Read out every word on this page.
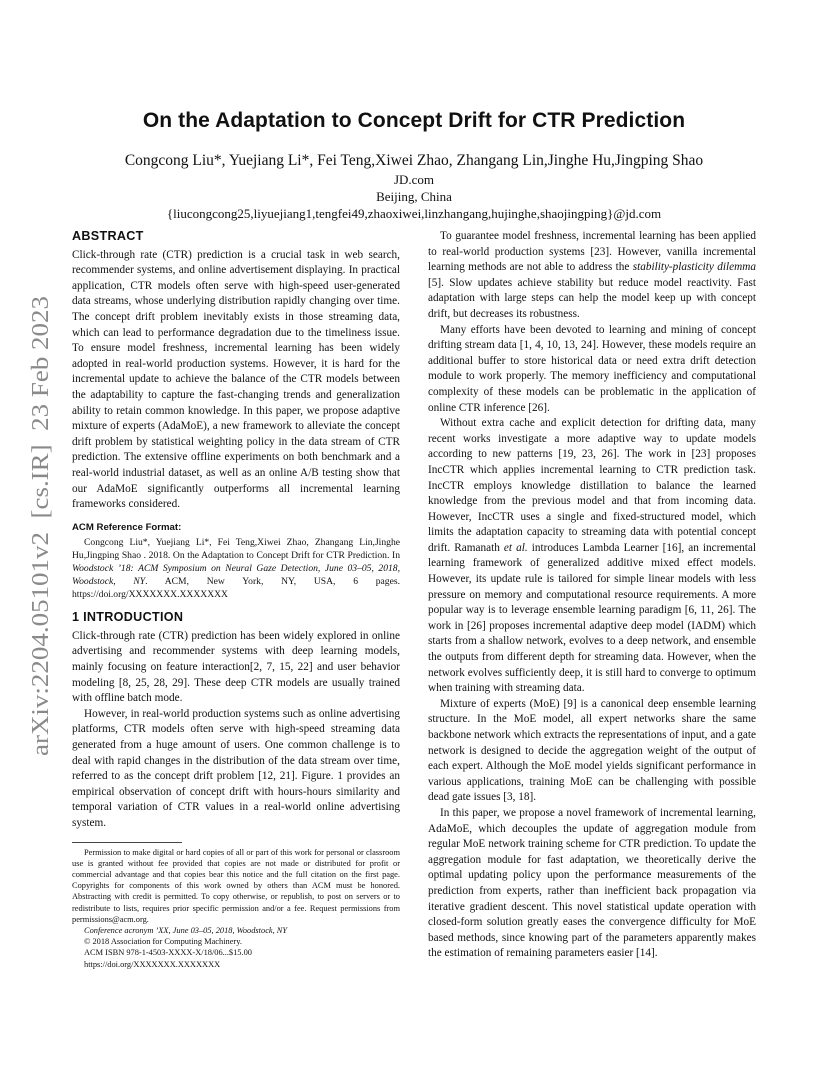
arXiv:2204.05101v2  [cs.IR]  23 Feb 2023
On the Adaptation to Concept Drift for CTR Prediction
Congcong Liu*, Yuejiang Li*, Fei Teng,Xiwei Zhao, Zhangang Lin,Jinghe Hu,Jingping Shao
JD.com
Beijing, China
{liucongcong25,liyuejiang1,tengfei49,zhaoxiwei,linzhangang,hujinghe,shaojingping}@jd.com
ABSTRACT

Click-through rate (CTR) prediction is a crucial task in web search, recommender systems, and online advertisement displaying. In practical application, CTR models often serve with high-speed user-generated data streams, whose underlying distribution rapidly changing over time. The concept drift problem inevitably exists in those streaming data, which can lead to performance degradation due to the timeliness issue. To ensure model freshness, incremental learning has been widely adopted in real-world production systems. However, it is hard for the incremental update to achieve the balance of the CTR models between the adaptability to capture the fast-changing trends and generalization ability to retain common knowledge. In this paper, we propose adaptive mixture of experts (AdaMoE), a new framework to alleviate the concept drift problem by statistical weighting policy in the data stream of CTR prediction. The extensive offline experiments on both benchmark and a real-world industrial dataset, as well as an online A/B testing show that our AdaMoE significantly outperforms all incremental learning frameworks considered.

ACM Reference Format:

Congcong Liu*, Yuejiang Li*, Fei Teng,Xiwei Zhao, Zhangang Lin,Jinghe Hu,Jingping Shao . 2018. On the Adaptation to Concept Drift for CTR Prediction. In Woodstock ’18: ACM Symposium on Neural Gaze Detection, June 03–05, 2018, Woodstock, NY. ACM, New York, NY, USA, 6 pages. https://doi.org/XXXXXXX.XXXXXXX

1 INTRODUCTION

Click-through rate (CTR) prediction has been widely explored in online advertising and recommender systems with deep learning models, mainly focusing on feature interaction[2, 7, 15, 22] and user behavior modeling [8, 25, 28, 29]. These deep CTR models are usually trained with offline batch mode.

However, in real-world production systems such as online advertising platforms, CTR models often serve with high-speed streaming data generated from a huge amount of users. One common challenge is to deal with rapid changes in the distribution of the data stream over time, referred to as the concept drift problem [12, 21]. Figure. 1 provides an empirical observation of concept drift with hours-hours similarity and temporal variation of CTR values in a real-world online advertising system.

Permission to make digital or hard copies of all or part of this work for personal or classroom use is granted without fee provided that copies are not made or distributed for profit or commercial advantage and that copies bear this notice and the full citation on the first page. Copyrights for components of this work owned by others than ACM must be honored. Abstracting with credit is permitted. To copy otherwise, or republish, to post on servers or to redistribute to lists, requires prior specific permission and/or a fee. Request permissions from permissions@acm.org.

Conference acronym ’XX, June 03–05, 2018, Woodstock, NY

© 2018 Association for Computing Machinery.

ACM ISBN 978-1-4503-XXXX-X/18/06...$15.00

https://doi.org/XXXXXXX.XXXXXXX

To guarantee model freshness, incremental learning has been applied to real-world production systems [23]. However, vanilla incremental learning methods are not able to address the stability-plasticity dilemma [5]. Slow updates achieve stability but reduce model reactivity. Fast adaptation with large steps can help the model keep up with concept drift, but decreases its robustness.

Many efforts have been devoted to learning and mining of concept drifting stream data [1, 4, 10, 13, 24]. However, these models require an additional buffer to store historical data or need extra drift detection module to work properly. The memory inefficiency and computational complexity of these models can be problematic in the application of online CTR inference [26].

Without extra cache and explicit detection for drifting data, many recent works investigate a more adaptive way to update models according to new patterns [19, 23, 26]. The work in [23] proposes IncCTR which applies incremental learning to CTR prediction task. IncCTR employs knowledge distillation to balance the learned knowledge from the previous model and that from incoming data. However, IncCTR uses a single and fixed-structured model, which limits the adaptation capacity to streaming data with potential concept drift. Ramanath et al. introduces Lambda Learner [16], an incremental learning framework of generalized additive mixed effect models. However, its update rule is tailored for simple linear models with less pressure on memory and computational resource requirements. A more popular way is to leverage ensemble learning paradigm [6, 11, 26]. The work in [26] proposes incremental adaptive deep model (IADM) which starts from a shallow network, evolves to a deep network, and ensemble the outputs from different depth for streaming data. However, when the network evolves sufficiently deep, it is still hard to converge to optimum when training with streaming data.

Mixture of experts (MoE) [9] is a canonical deep ensemble learning structure. In the MoE model, all expert networks share the same backbone network which extracts the representations of input, and a gate network is designed to decide the aggregation weight of the output of each expert. Although the MoE model yields significant performance in various applications, training MoE can be challenging with possible dead gate issues [3, 18].

In this paper, we propose a novel framework of incremental learning, AdaMoE, which decouples the update of aggregation module from regular MoE network training scheme for CTR prediction. To update the aggregation module for fast adaptation, we theoretically derive the optimal updating policy upon the performance measurements of the prediction from experts, rather than inefficient back propagation via iterative gradient descent. This novel statistical update operation with closed-form solution greatly eases the convergence difficulty for MoE based methods, since knowing part of the parameters apparently makes the estimation of remaining parameters easier [14].
